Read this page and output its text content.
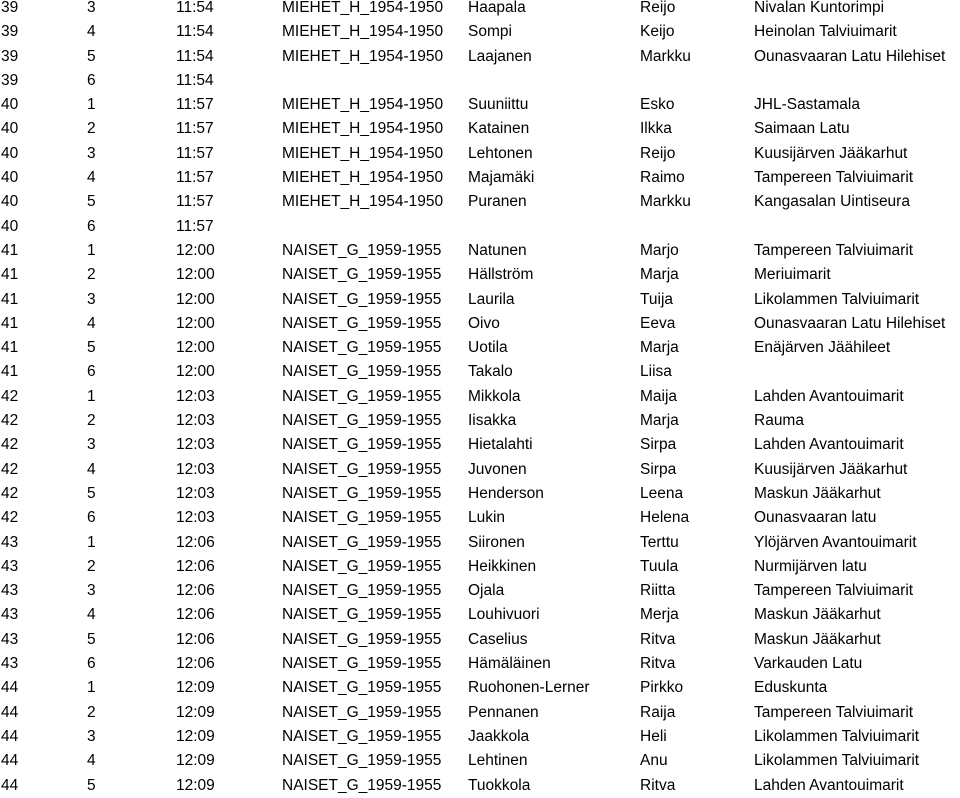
39	3	11:54	MIEHET_H_1954-1950	Haapala	Reijo	Nivalan Kuntorimpi
39	4	11:54	MIEHET_H_1954-1950	Sompi	Keijo	Heinolan Talviuimarit
39	5	11:54	MIEHET_H_1954-1950	Laajanen	Markku	Ounasvaaran Latu Hilehiset
39	6	11:54				
40	1	11:57	MIEHET_H_1954-1950	Suuniittu	Esko	JHL-Sastamala
40	2	11:57	MIEHET_H_1954-1950	Katainen	Ilkka	Saimaan Latu
40	3	11:57	MIEHET_H_1954-1950	Lehtonen	Reijo	Kuusijärven Jääkarhut
40	4	11:57	MIEHET_H_1954-1950	Majamäki	Raimo	Tampereen Talviuimarit
40	5	11:57	MIEHET_H_1954-1950	Puranen	Markku	Kangasalan Uintiseura
40	6	11:57				
41	1	12:00	NAISET_G_1959-1955	Natunen	Marjo	Tampereen Talviuimarit
41	2	12:00	NAISET_G_1959-1955	Hällström	Marja	Meriuimarit
41	3	12:00	NAISET_G_1959-1955	Laurila	Tuija	Likolammen Talviuimarit
41	4	12:00	NAISET_G_1959-1955	Oivo	Eeva	Ounasvaaran Latu Hilehiset
41	5	12:00	NAISET_G_1959-1955	Uotila	Marja	Enäjärven Jäähileet
41	6	12:00	NAISET_G_1959-1955	Takalo	Liisa	
42	1	12:03	NAISET_G_1959-1955	Mikkola	Maija	Lahden Avantouimarit
42	2	12:03	NAISET_G_1959-1955	Iisakka	Marja	Rauma
42	3	12:03	NAISET_G_1959-1955	Hietalahti	Sirpa	Lahden Avantouimarit
42	4	12:03	NAISET_G_1959-1955	Juvonen	Sirpa	Kuusijärven Jääkarhut
42	5	12:03	NAISET_G_1959-1955	Henderson	Leena	Maskun Jääkarhut
42	6	12:03	NAISET_G_1959-1955	Lukin	Helena	Ounasvaaran latu
43	1	12:06	NAISET_G_1959-1955	Siironen	Terttu	Ylöjärven Avantouimarit
43	2	12:06	NAISET_G_1959-1955	Heikkinen	Tuula	Nurmijärven latu
43	3	12:06	NAISET_G_1959-1955	Ojala	Riitta	Tampereen Talviuimarit
43	4	12:06	NAISET_G_1959-1955	Louhivuori	Merja	Maskun Jääkarhut
43	5	12:06	NAISET_G_1959-1955	Caselius	Ritva	Maskun Jääkarhut
43	6	12:06	NAISET_G_1959-1955	Hämäläinen	Ritva	Varkauden Latu
44	1	12:09	NAISET_G_1959-1955	Ruohonen-Lerner	Pirkko	Eduskunta
44	2	12:09	NAISET_G_1959-1955	Pennanen	Raija	Tampereen Talviuimarit
44	3	12:09	NAISET_G_1959-1955	Jaakkola	Heli	Likolammen Talviuimarit
44	4	12:09	NAISET_G_1959-1955	Lehtinen	Anu	Likolammen Talviuimarit
44	5	12:09	NAISET_G_1959-1955	Tuokkola	Ritva	Lahden Avantouimarit
